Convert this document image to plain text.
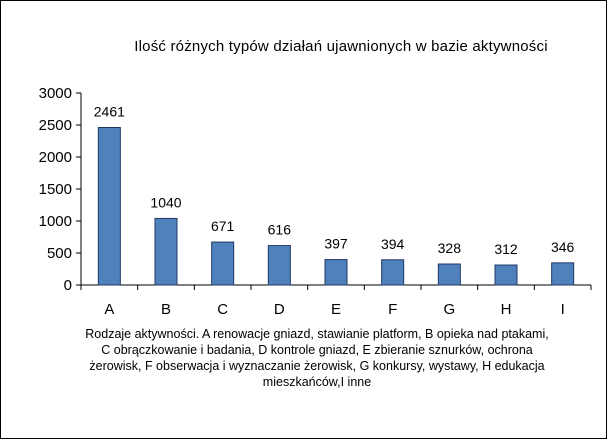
Ilość różnych typów działań ujawnionych w bazie aktywności
0
500
1000
1500
2000
2500
3000
A	B	C	D	E	F	G	H	I
2461
1040
671 616
397 394 328 312 346
Rodzaje aktywności. A renowacje gniazd, stawianie platform, B opieka nad ptakami, C obrączkowanie i badania, D kontrole gniazd, E zbieranie sznurków, ochrona żerowisk, F obserwacja i wyznaczanie żerowisk, G konkursy, wystawy, H edukacja mieszkańców,I inne
